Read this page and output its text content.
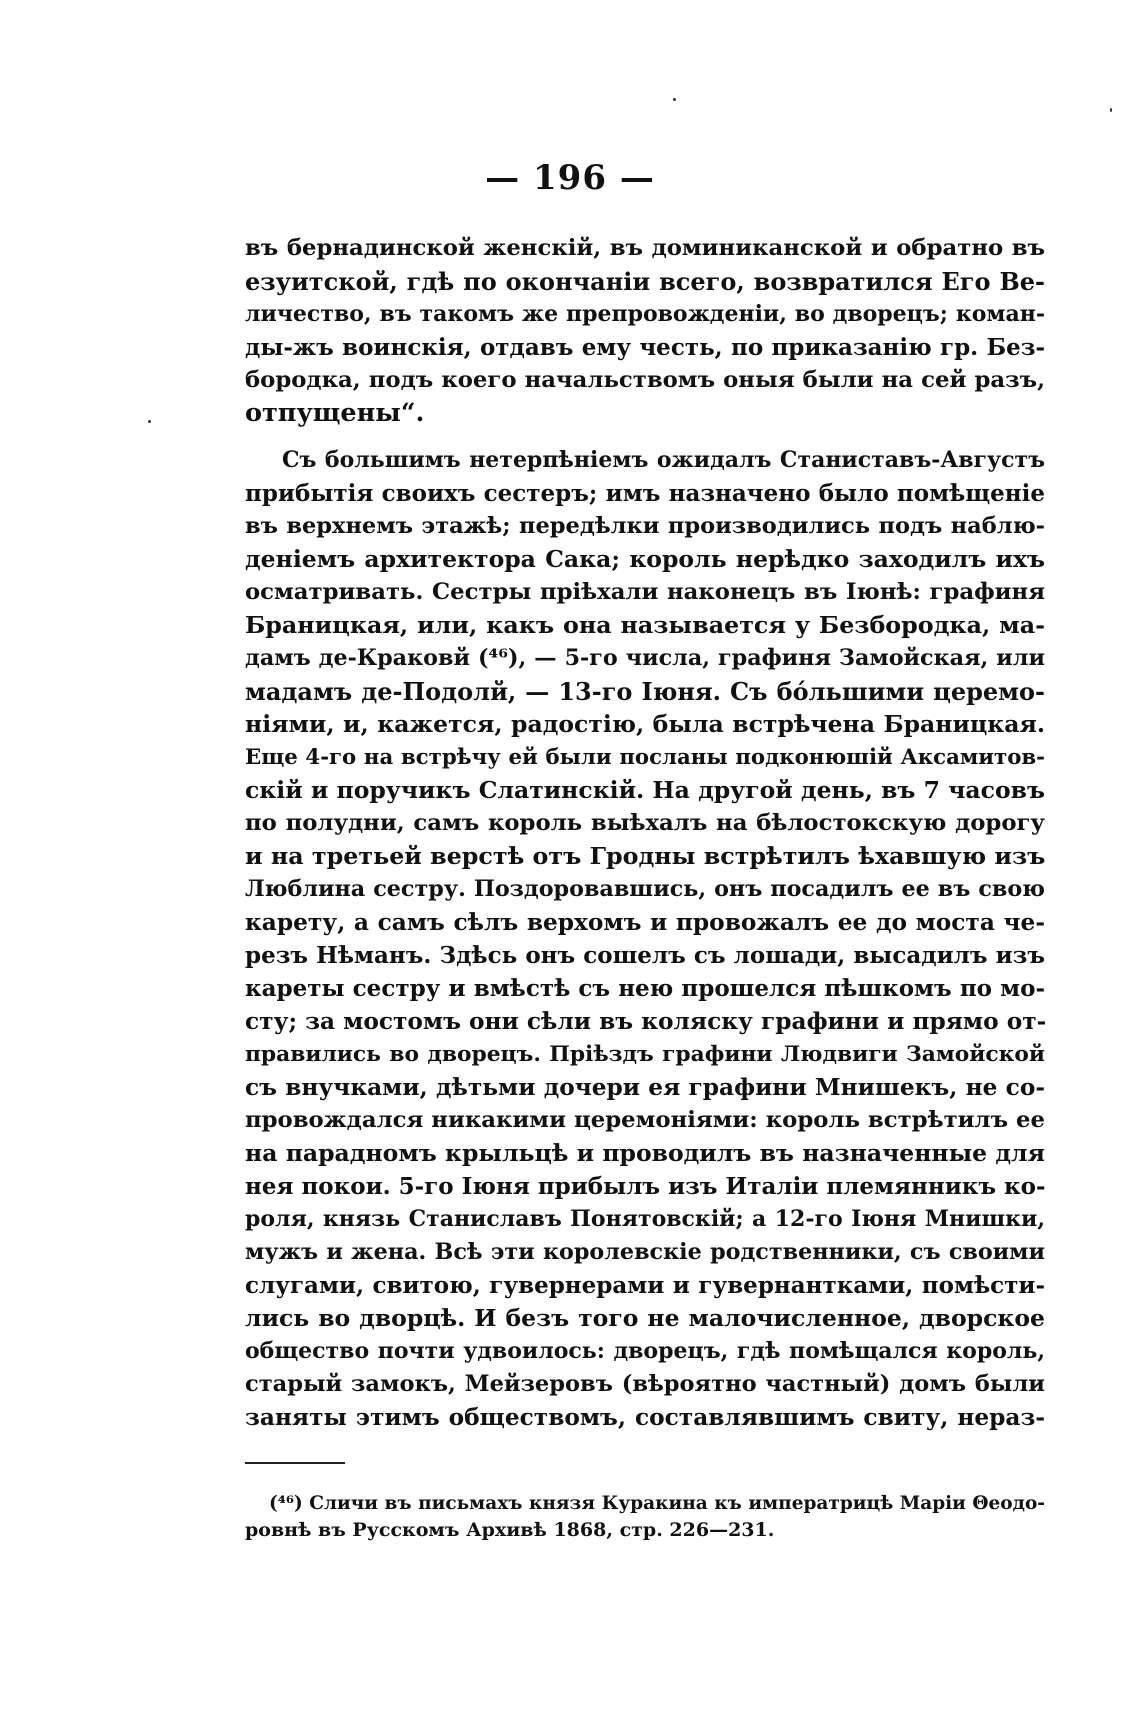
— 196 —

въ бернадинской женскій, въ доминиканской и обратно въ
езуитской, гдѣ по окончаніи всего, возвратился Его Ве-
личество, въ такомъ же препровожденіи, во дворецъ; коман-
ды-жъ воинскія, отдавъ ему честь, по приказанію гр. Без-
бородка, подъ коего начальствомъ оныя были на сей разъ,
отпущены“.

Съ большимъ нетерпѣніемъ ожидалъ Станиставъ-Августъ
прибытія своихъ сестеръ; имъ назначено было помѣщеніе
въ верхнемъ этажѣ; передѣлки производились подъ наблю-
деніемъ архитектора Сака; король нерѣдко заходилъ ихъ
осматривать. Сестры пріѣхали наконецъ въ Іюнѣ: графиня
Браницкая, или, какъ она называется у Безбородка, ма-
дамъ де-Краковй (⁴⁶), — 5-го числа, графиня Замойская, или
мадамъ де-Подолй, — 13-го Іюня. Съ бо́льшими церемо-
ніями, и, кажется, радостію, была встрѣчена Браницкая.
Еще 4-го на встрѣчу ей были посланы подконюшій Аксамитов-
скій и поручикъ Слатинскій. На другой день, въ 7 часовъ
по полудни, самъ король выѣхалъ на бѣлостокскую дорогу
и на третьей верстѣ отъ Гродны встрѣтилъ ѣхавшую изъ
Люблина сестру. Поздоровавшись, онъ посадилъ ее въ свою
карету, а самъ сѣлъ верхомъ и провожалъ ее до моста че-
резъ Нѣманъ. Здѣсь онъ сошелъ съ лошади, высадилъ изъ
кареты сестру и вмѣстѣ съ нею прошелся пѣшкомъ по мо-
сту; за мостомъ они сѣли въ коляску графини и прямо от-
правились во дворецъ. Пріѣздъ графини Людвиги Замойской
съ внучками, дѣтьми дочери ея графини Мнишекъ, не со-
провождался никакими церемоніями: король встрѣтилъ ее
на парадномъ крыльцѣ и проводилъ въ назначенные для
нея покои. 5-го Іюня прибылъ изъ Италіи племянникъ ко-
роля, князь Станиславъ Понятовскій; а 12-го Іюня Мнишки,
мужъ и жена. Всѣ эти королевскіе родственники, съ своими
слугами, свитою, гувернерами и гувернантками, помѣсти-
лись во дворцѣ. И безъ того не малочисленное, дворское
общество почти удвоилось: дворецъ, гдѣ помѣщался король,
старый замокъ, Мейзеровъ (вѣроятно частный) домъ были
заняты этимъ обществомъ, составлявшимъ свиту, нераз-

(⁴⁶) Сличи въ письмахъ князя Куракина къ императрицѣ Маріи Θеодо-
ровнѣ въ Русскомъ Архивѣ 1868, стр. 226—231.
